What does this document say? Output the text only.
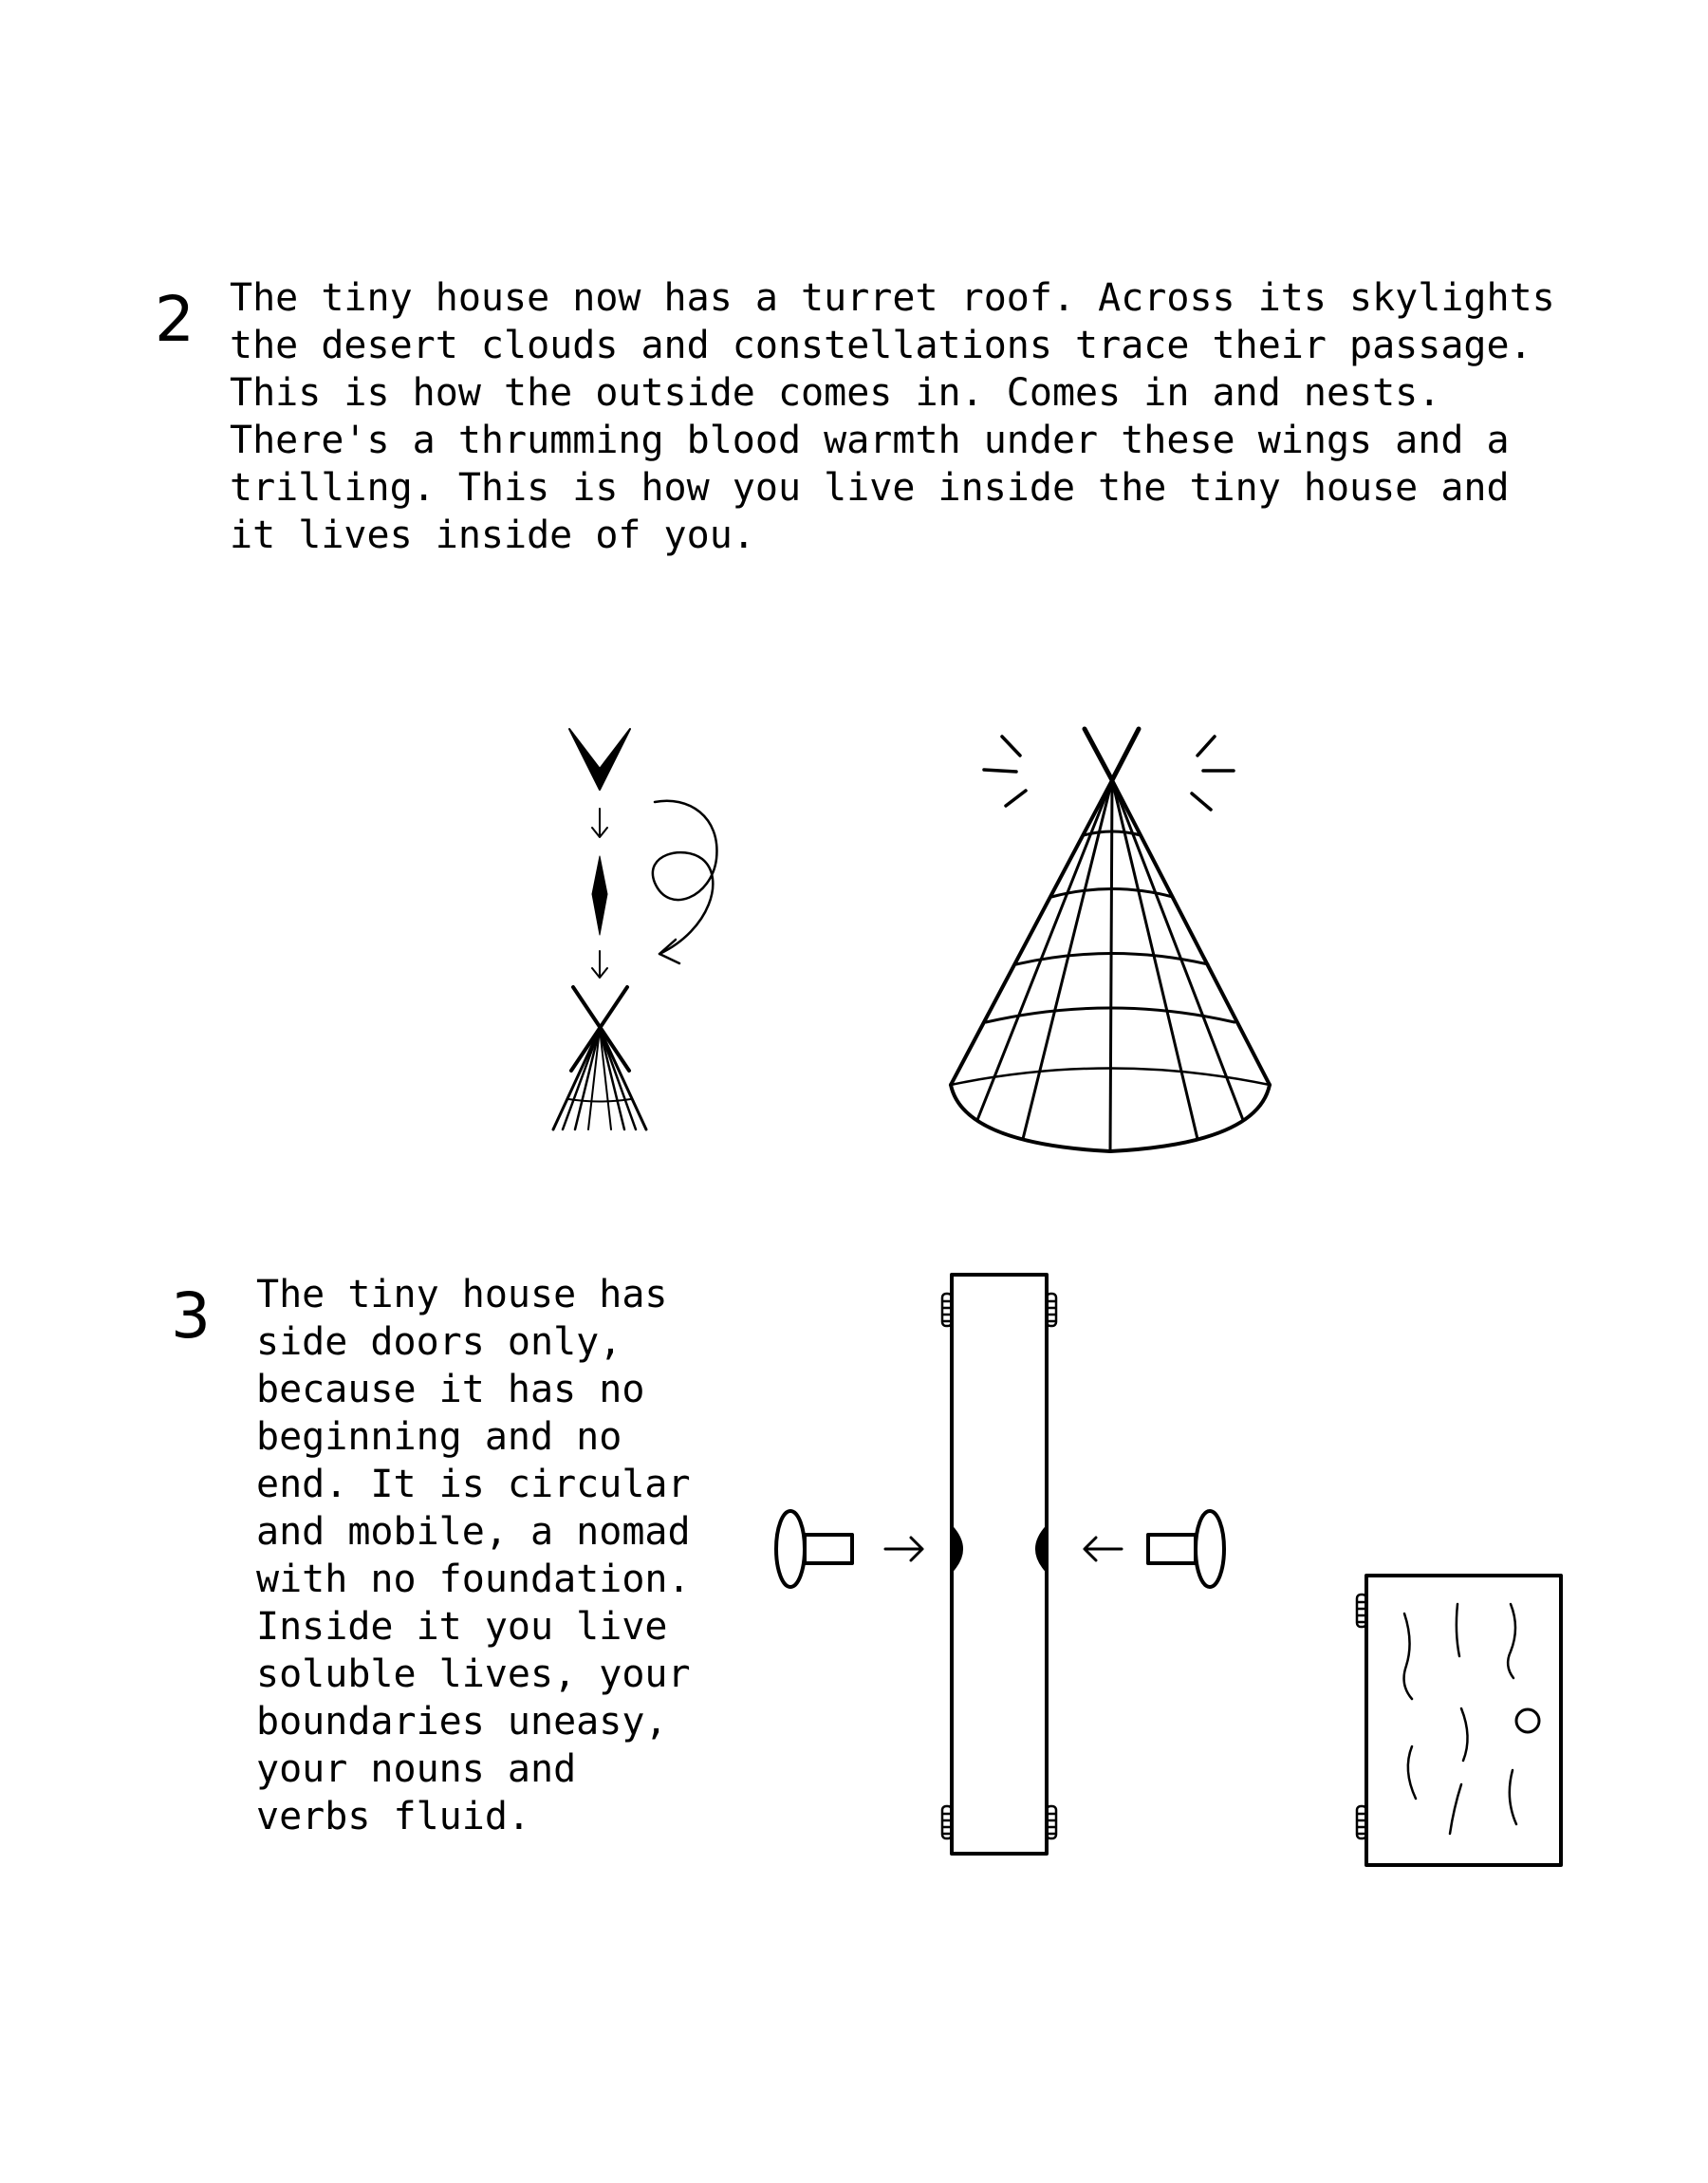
2 The tiny house now has a turret roof. Across its skylights
the desert clouds and constellations trace their passage.
This is how the outside comes in. Comes in and nests.
There's a thrumming blood warmth under these wings and a
trilling. This is how you live inside the tiny house and
it lives inside of you.

3 The tiny house has
side doors only,
because it has no
beginning and no
end. It is circular
and mobile, a nomad
with no foundation.
Inside it you live
soluble lives, your
boundaries uneasy,
your nouns and
verbs fluid.
